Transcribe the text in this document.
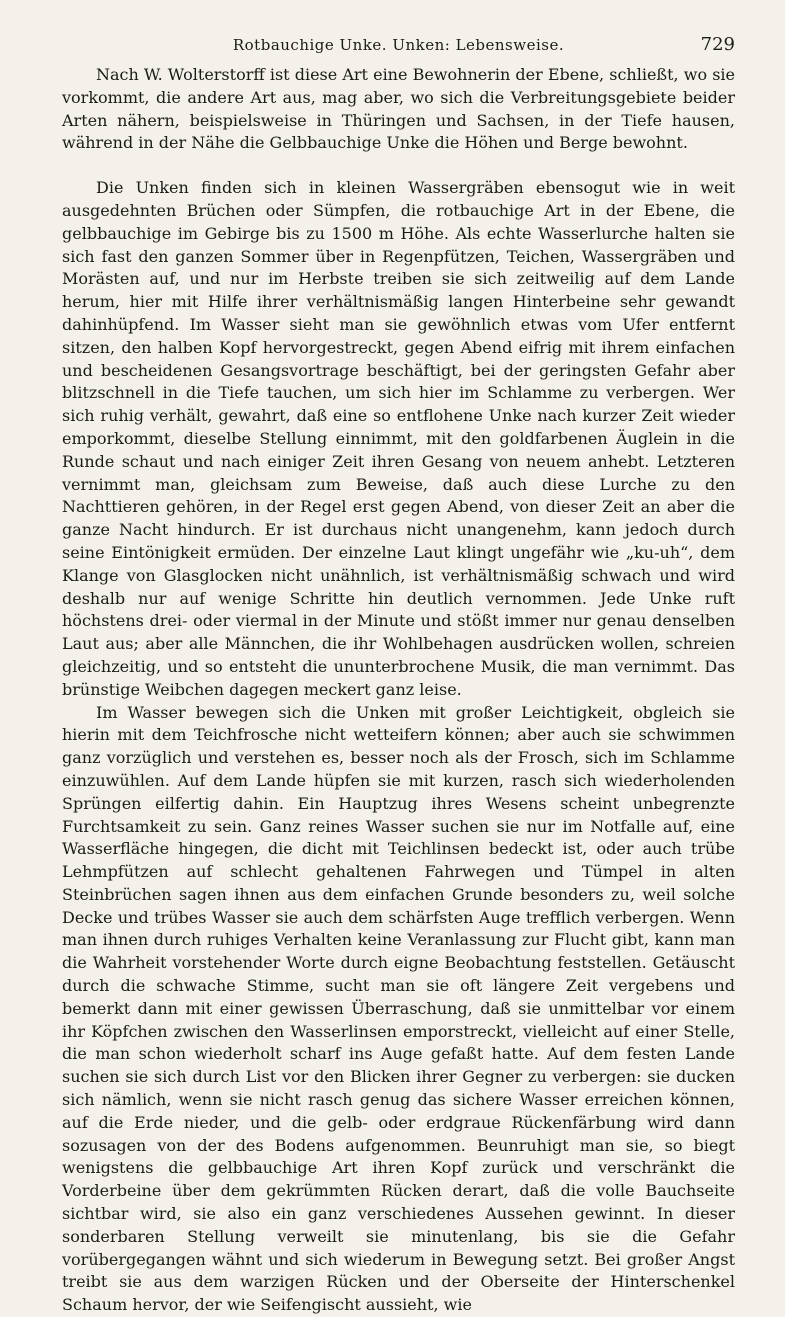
Rotbauchige Unke. Unken: Lebensweise.	729

Nach W. Wolterstorff ist diese Art eine Bewohnerin der Ebene, schließt, wo sie vorkommt, die andere Art aus, mag aber, wo sich die Verbreitungsgebiete beider Arten nähern, beispielsweise in Thüringen und Sachsen, in der Tiefe hausen, während in der Nähe die Gelbbauchige Unke die Höhen und Berge bewohnt.

Die Unken finden sich in kleinen Wassergräben ebensogut wie in weit ausgedehnten Brüchen oder Sümpfen, die rotbauchige Art in der Ebene, die gelbbauchige im Gebirge bis zu 1500 m Höhe. Als echte Wasserlurche halten sie sich fast den ganzen Sommer über in Regenpfützen, Teichen, Wassergräben und Morästen auf, und nur im Herbste treiben sie sich zeitweilig auf dem Lande herum, hier mit Hilfe ihrer verhältnismäßig langen Hinterbeine sehr gewandt dahinhüpfend. Im Wasser sieht man sie gewöhnlich etwas vom Ufer entfernt sitzen, den halben Kopf hervorgestreckt, gegen Abend eifrig mit ihrem einfachen und bescheidenen Gesangsvortrage beschäftigt, bei der geringsten Gefahr aber blitzschnell in die Tiefe tauchen, um sich hier im Schlamme zu verbergen. Wer sich ruhig verhält, gewahrt, daß eine so entflohene Unke nach kurzer Zeit wieder emporkommt, dieselbe Stellung einnimmt, mit den goldfarbenen Äuglein in die Runde schaut und nach einiger Zeit ihren Gesang von neuem anhebt. Letzteren vernimmt man, gleichsam zum Beweise, daß auch diese Lurche zu den Nachttieren gehören, in der Regel erst gegen Abend, von dieser Zeit an aber die ganze Nacht hindurch. Er ist durchaus nicht unangenehm, kann jedoch durch seine Eintönigkeit ermüden. Der einzelne Laut klingt ungefähr wie „ku-uh“, dem Klange von Glasglocken nicht unähnlich, ist verhältnismäßig schwach und wird deshalb nur auf wenige Schritte hin deutlich vernommen. Jede Unke ruft höchstens drei- oder viermal in der Minute und stößt immer nur genau denselben Laut aus; aber alle Männchen, die ihr Wohlbehagen ausdrücken wollen, schreien gleichzeitig, und so entsteht die ununterbrochene Musik, die man vernimmt. Das brünstige Weibchen dagegen meckert ganz leise.

Im Wasser bewegen sich die Unken mit großer Leichtigkeit, obgleich sie hierin mit dem Teichfrosche nicht wetteifern können; aber auch sie schwimmen ganz vorzüglich und verstehen es, besser noch als der Frosch, sich im Schlamme einzuwühlen. Auf dem Lande hüpfen sie mit kurzen, rasch sich wiederholenden Sprüngen eilfertig dahin. Ein Hauptzug ihres Wesens scheint unbegrenzte Furchtsamkeit zu sein. Ganz reines Wasser suchen sie nur im Notfalle auf, eine Wasserfläche hingegen, die dicht mit Teichlinsen bedeckt ist, oder auch trübe Lehmpfützen auf schlecht gehaltenen Fahrwegen und Tümpel in alten Steinbrüchen sagen ihnen aus dem einfachen Grunde besonders zu, weil solche Decke und trübes Wasser sie auch dem schärfsten Auge trefflich verbergen. Wenn man ihnen durch ruhiges Verhalten keine Veranlassung zur Flucht gibt, kann man die Wahrheit vorstehender Worte durch eigne Beobachtung feststellen. Getäuscht durch die schwache Stimme, sucht man sie oft längere Zeit vergebens und bemerkt dann mit einer gewissen Überraschung, daß sie unmittelbar vor einem ihr Köpfchen zwischen den Wasserlinsen emporstreckt, vielleicht auf einer Stelle, die man schon wiederholt scharf ins Auge gefaßt hatte. Auf dem festen Lande suchen sie sich durch List vor den Blicken ihrer Gegner zu verbergen: sie ducken sich nämlich, wenn sie nicht rasch genug das sichere Wasser erreichen können, auf die Erde nieder, und die gelb- oder erdgraue Rückenfärbung wird dann sozusagen von der des Bodens aufgenommen. Beunruhigt man sie, so biegt wenigstens die gelbbauchige Art ihren Kopf zurück und verschränkt die Vorderbeine über dem gekrümmten Rücken derart, daß die volle Bauchseite sichtbar wird, sie also ein ganz verschiedenes Aussehen gewinnt. In dieser sonderbaren Stellung verweilt sie minutenlang, bis sie die Gefahr vorübergegangen wähnt und sich wiederum in Bewegung setzt. Bei großer Angst treibt sie aus dem warzigen Rücken und der Oberseite der Hinterschenkel Schaum hervor, der wie Seifengischt aussieht, wie
